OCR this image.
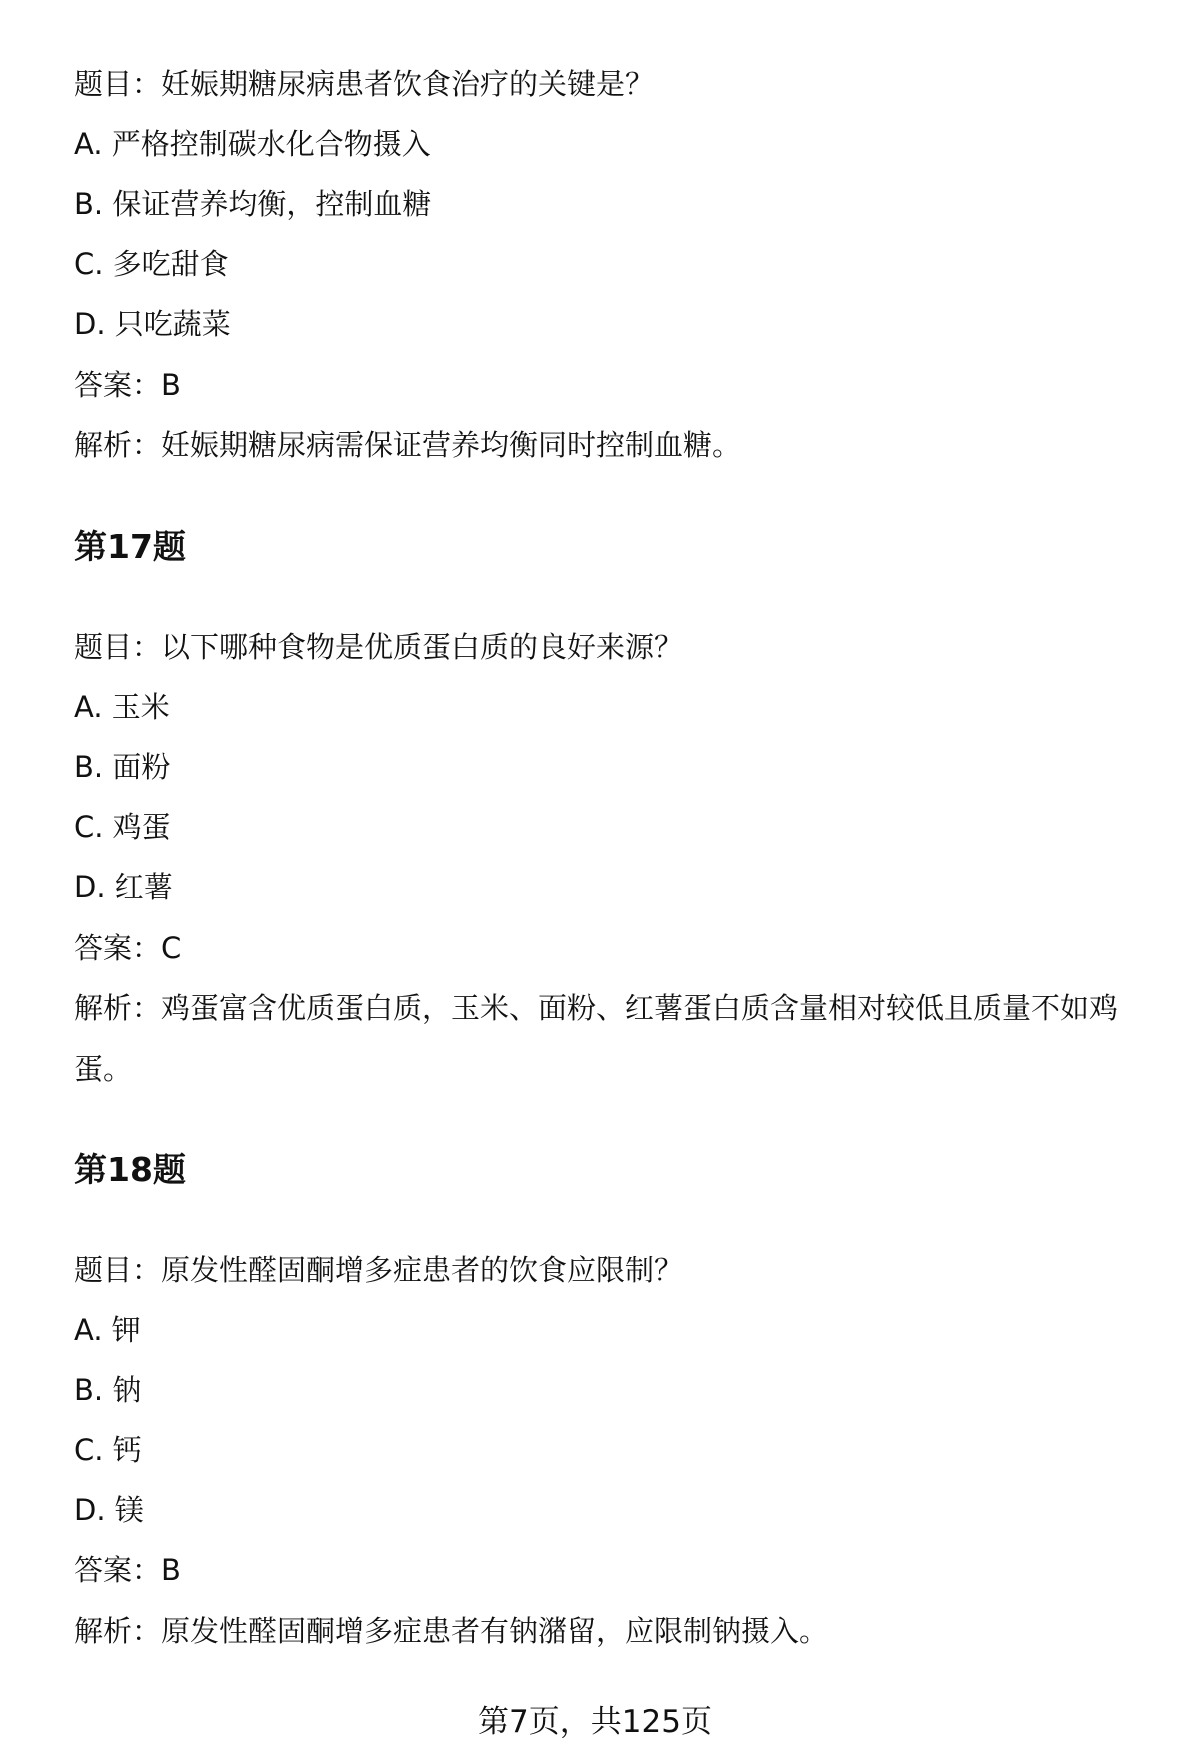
题目：妊娠期糖尿病患者饮食治疗的关键是？
A. 严格控制碳水化合物摄入
B. 保证营养均衡，控制血糖
C. 多吃甜食
D. 只吃蔬菜
答案：B
解析：妊娠期糖尿病需保证营养均衡同时控制血糖。
第17题
题目：以下哪种食物是优质蛋白质的良好来源？
A. 玉米
B. 面粉
C. 鸡蛋
D. 红薯
答案：C
解析：鸡蛋富含优质蛋白质，玉米、面粉、红薯蛋白质含量相对较低且质量不如鸡
蛋。
第18题
题目：原发性醛固酮增多症患者的饮食应限制？
A. 钾
B. 钠
C. 钙
D. 镁
答案：B
解析：原发性醛固酮增多症患者有钠潴留，应限制钠摄入。
第7页，共125页
